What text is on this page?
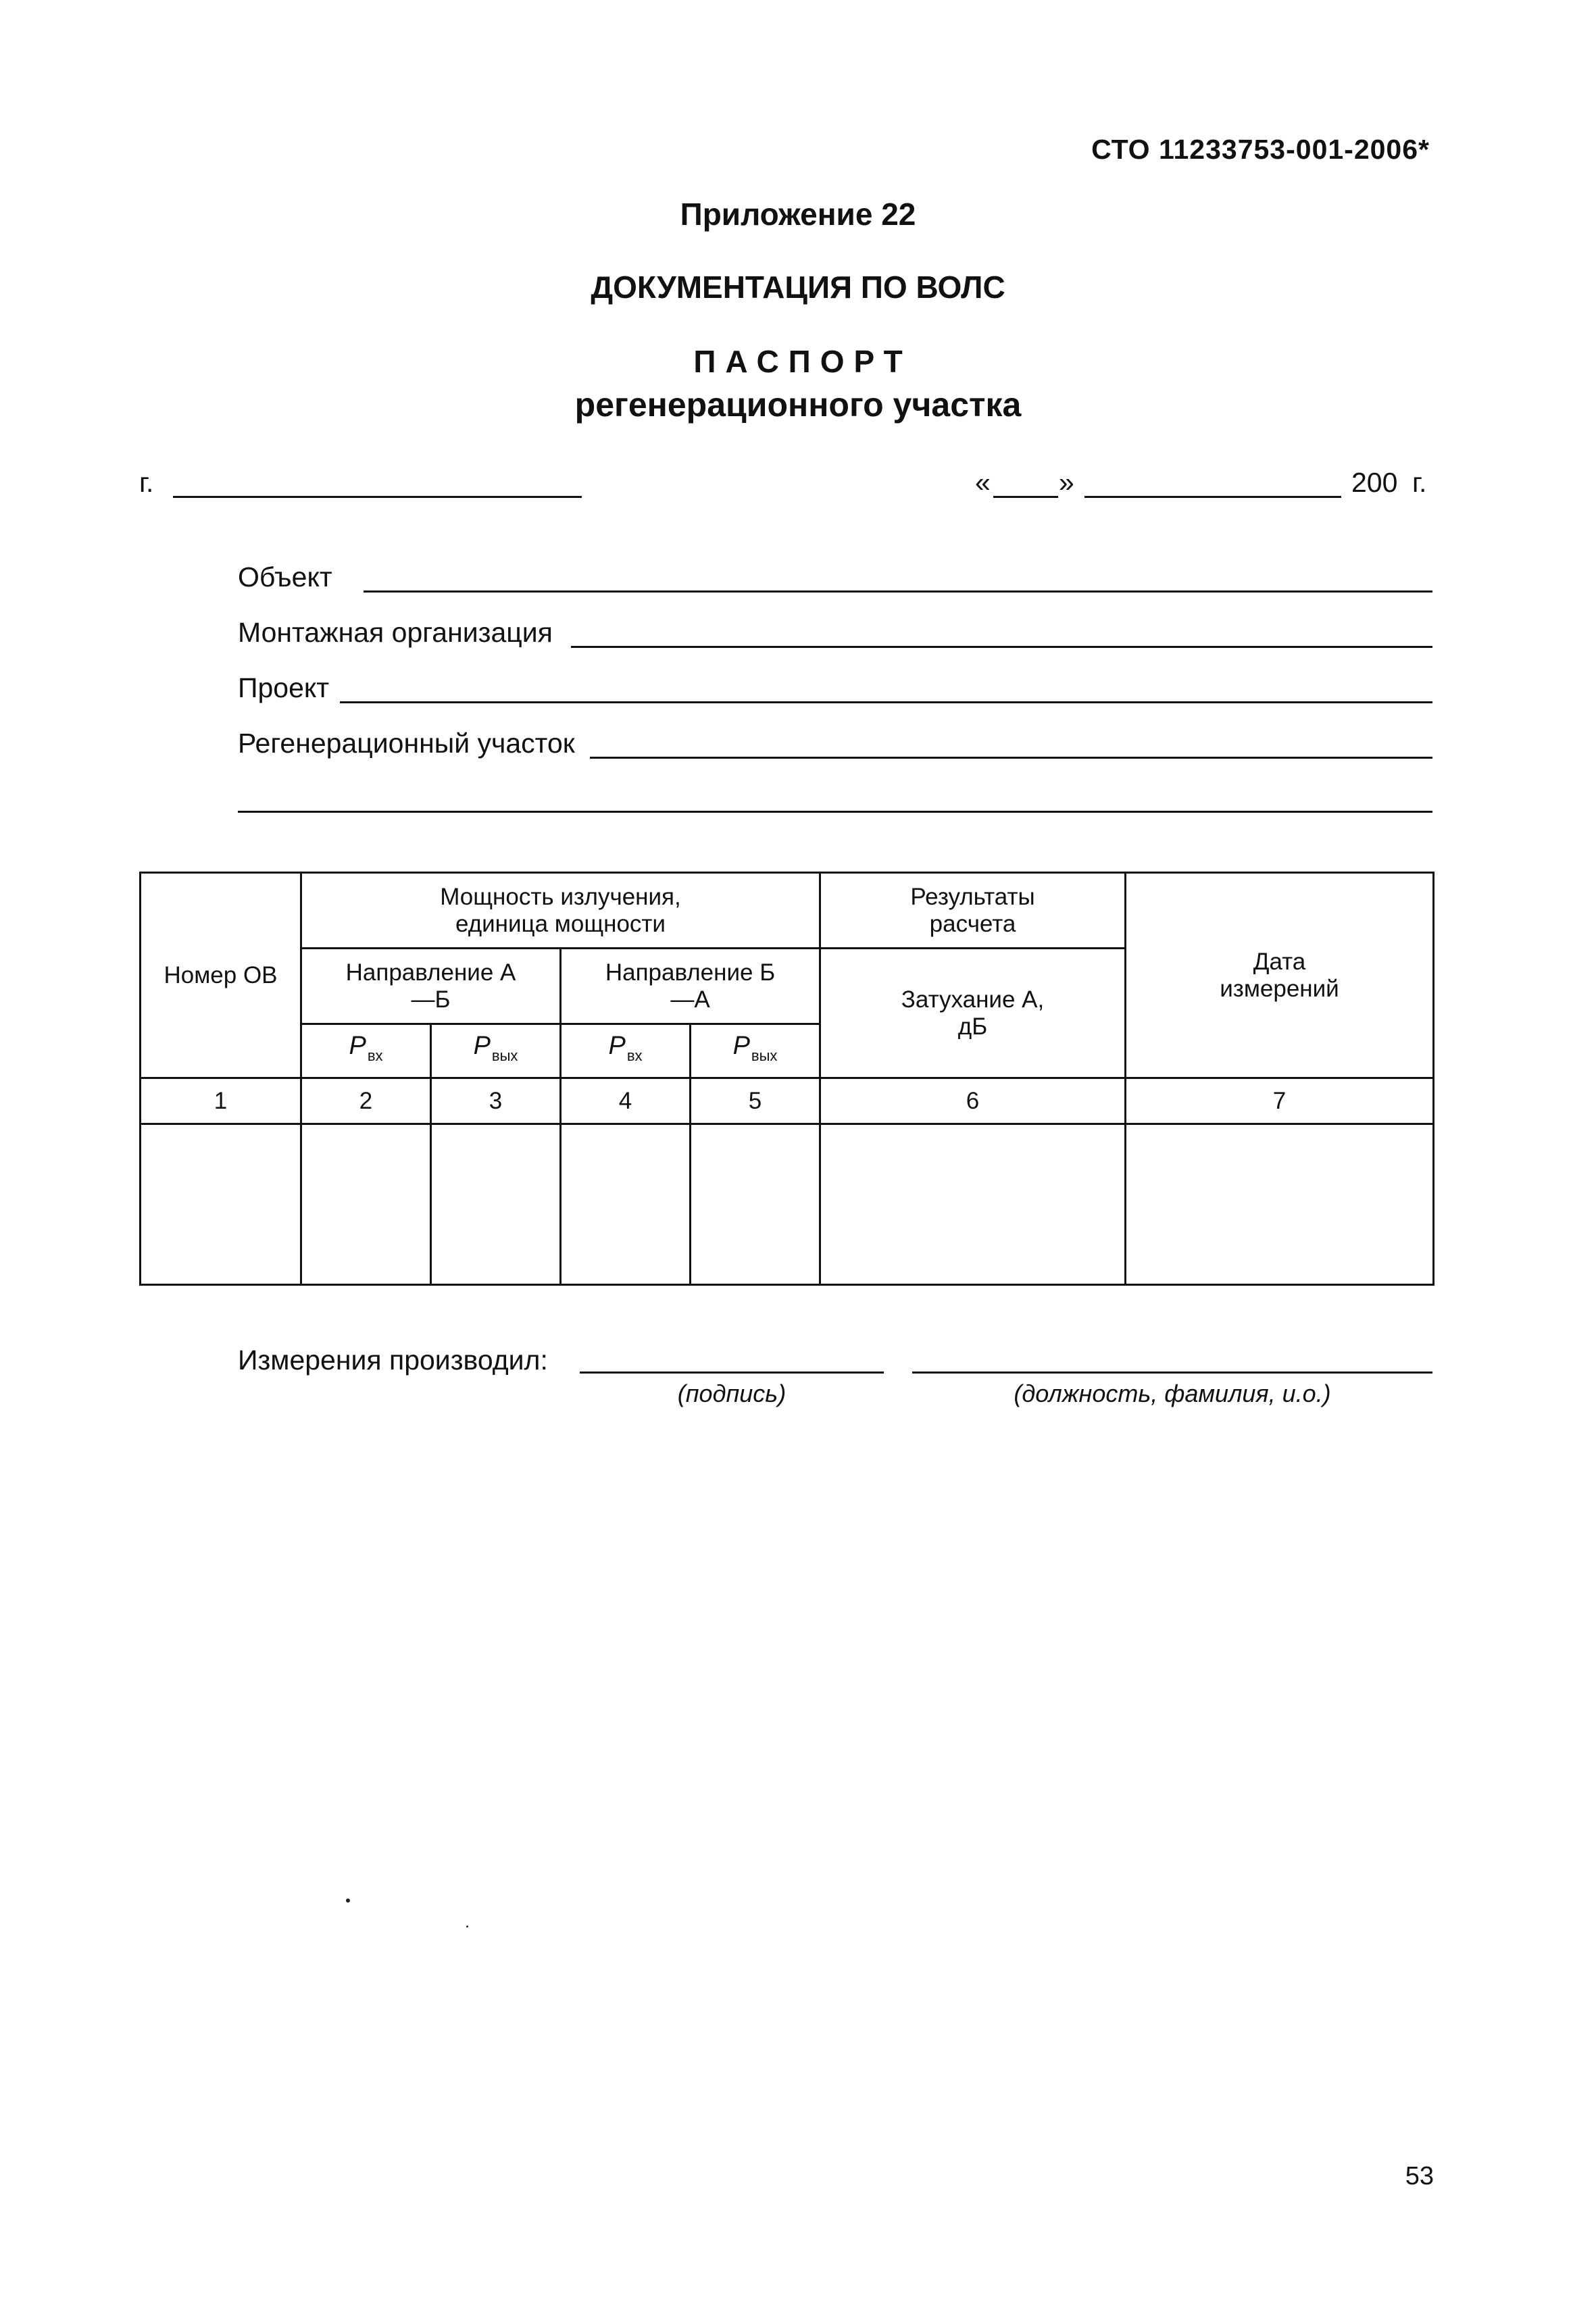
СТО 11233753-001-2006*
Приложение 22
ДОКУМЕНТАЦИЯ ПО ВОЛС
ПАСПОРТ
регенерационного участка
г.	« »	200 г.
Объект
Монтажная организация
Проект
Регенерационный участок
Номер ОВ	Мощность излучения, единица мощности				Результаты расчета	Дата измерений

	Направление А—Б		Направление Б—А		Затухание А, дБ	

	$P_{вх}$	$P_{вых}$	$P_{вх}$	$P_{вых}$
1	2	3	4	5	6	7

Измерения производил:
(подпись)	(должность, фамилия, и.о.)
53
